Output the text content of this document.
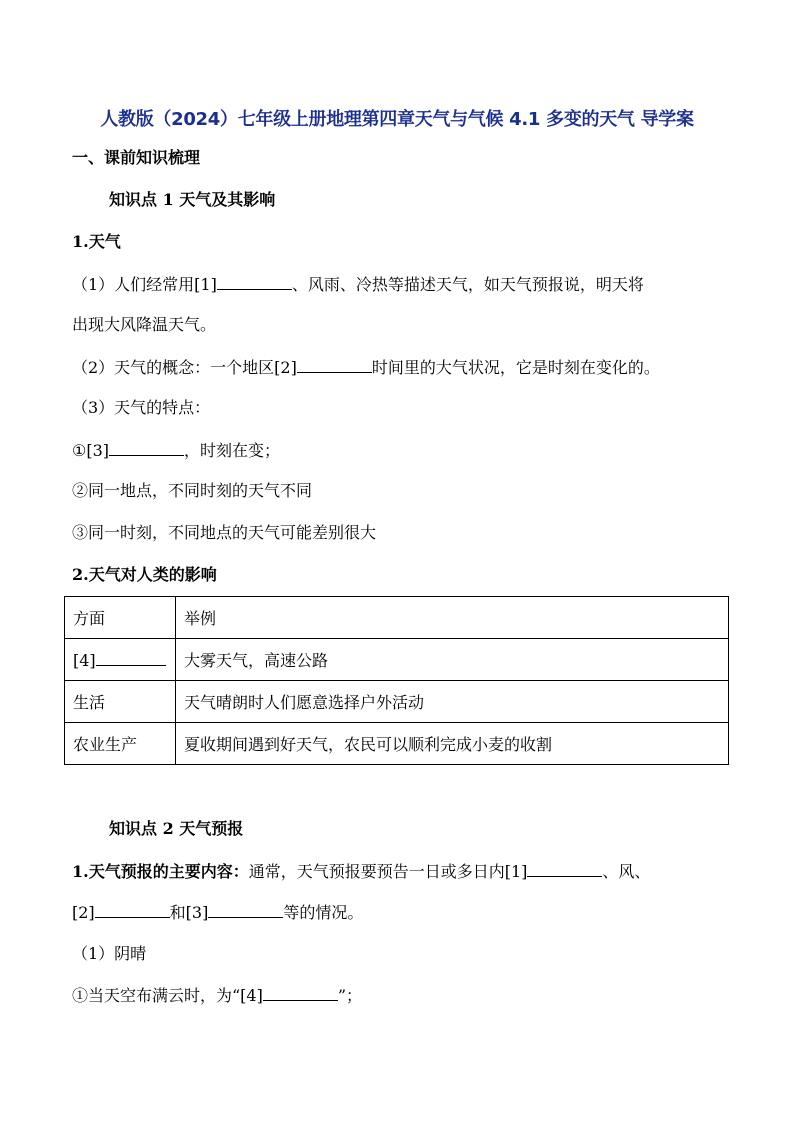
人教版（2024）七年级上册地理第四章天气与气候 4.1 多变的天气 导学案
一、课前知识梳理
知识点 1 天气及其影响
1.天气
（1）人们经常用[1]	、风雨、冷热等描述天气，如天气预报说，明天将
出现大风降温天气。
（2）天气的概念：一个地区[2]	时间里的大气状况，它是时刻在变化的。
（3）天气的特点：
①[3]	，时刻在变；
②同一地点，不同时刻的天气不同
③同一时刻，不同地点的天气可能差别很大
2.天气对人类的影响
方面	举例
[4]	大雾天气，高速公路
生活	天气晴朗时人们愿意选择户外活动
农业生产	夏收期间遇到好天气，农民可以顺利完成小麦的收割
知识点 2 天气预报
1.天气预报的主要内容：通常，天气预报要预告一日或多日内[1]	、风、
[2]	和[3]	等的情况。
（1）阴晴
①当天空布满云时，为“[4]	”；
